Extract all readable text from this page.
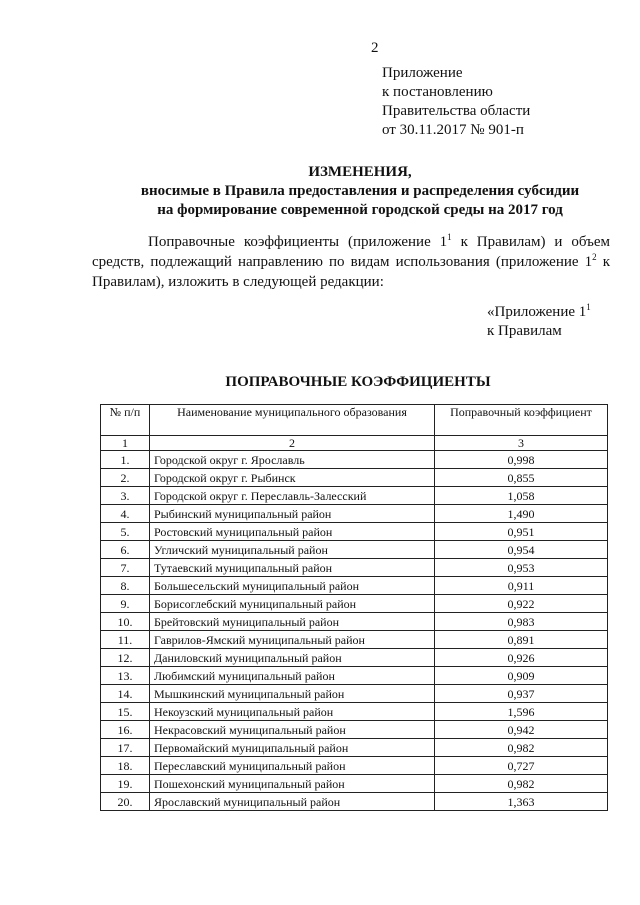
2
Приложение
к постановлению
Правительства области
от 30.11.2017 № 901-п
ИЗМЕНЕНИЯ,
вносимые в Правила предоставления и распределения субсидии
на формирование современной городской среды на 2017 год
Поправочные коэффициенты (приложение $1^1$ к Правилам) и объем средств, подлежащий направлению по видам использования (приложение $1^2$ к Правилам), изложить в следующей редакции:
«Приложение $1^1$
к Правилам
ПОПРАВОЧНЫЕ КОЭФФИЦИЕНТЫ
№ п/п	Наименование муниципального образования	Поправочный коэффициент
1	2	3
1.	Городской округ г. Ярославль	0,998
2.	Городской округ г. Рыбинск	0,855
3.	Городской округ г. Переславль-Залесский	1,058
4.	Рыбинский муниципальный район	1,490
5.	Ростовский муниципальный район	0,951
6.	Угличский муниципальный район	0,954
7.	Тутаевский муниципальный район	0,953
8.	Большесельский муниципальный район	0,911
9.	Борисоглебский муниципальный район	0,922
10.	Брейтовский муниципальный район	0,983
11.	Гаврилов-Ямский муниципальный район	0,891
12.	Даниловский муниципальный район	0,926
13.	Любимский муниципальный район	0,909
14.	Мышкинский муниципальный район	0,937
15.	Некоузский муниципальный район	1,596
16.	Некрасовский муниципальный район	0,942
17.	Первомайский муниципальный район	0,982
18.	Переславский муниципальный район	0,727
19.	Пошехонский муниципальный район	0,982
20.	Ярославский муниципальный район	1,363
